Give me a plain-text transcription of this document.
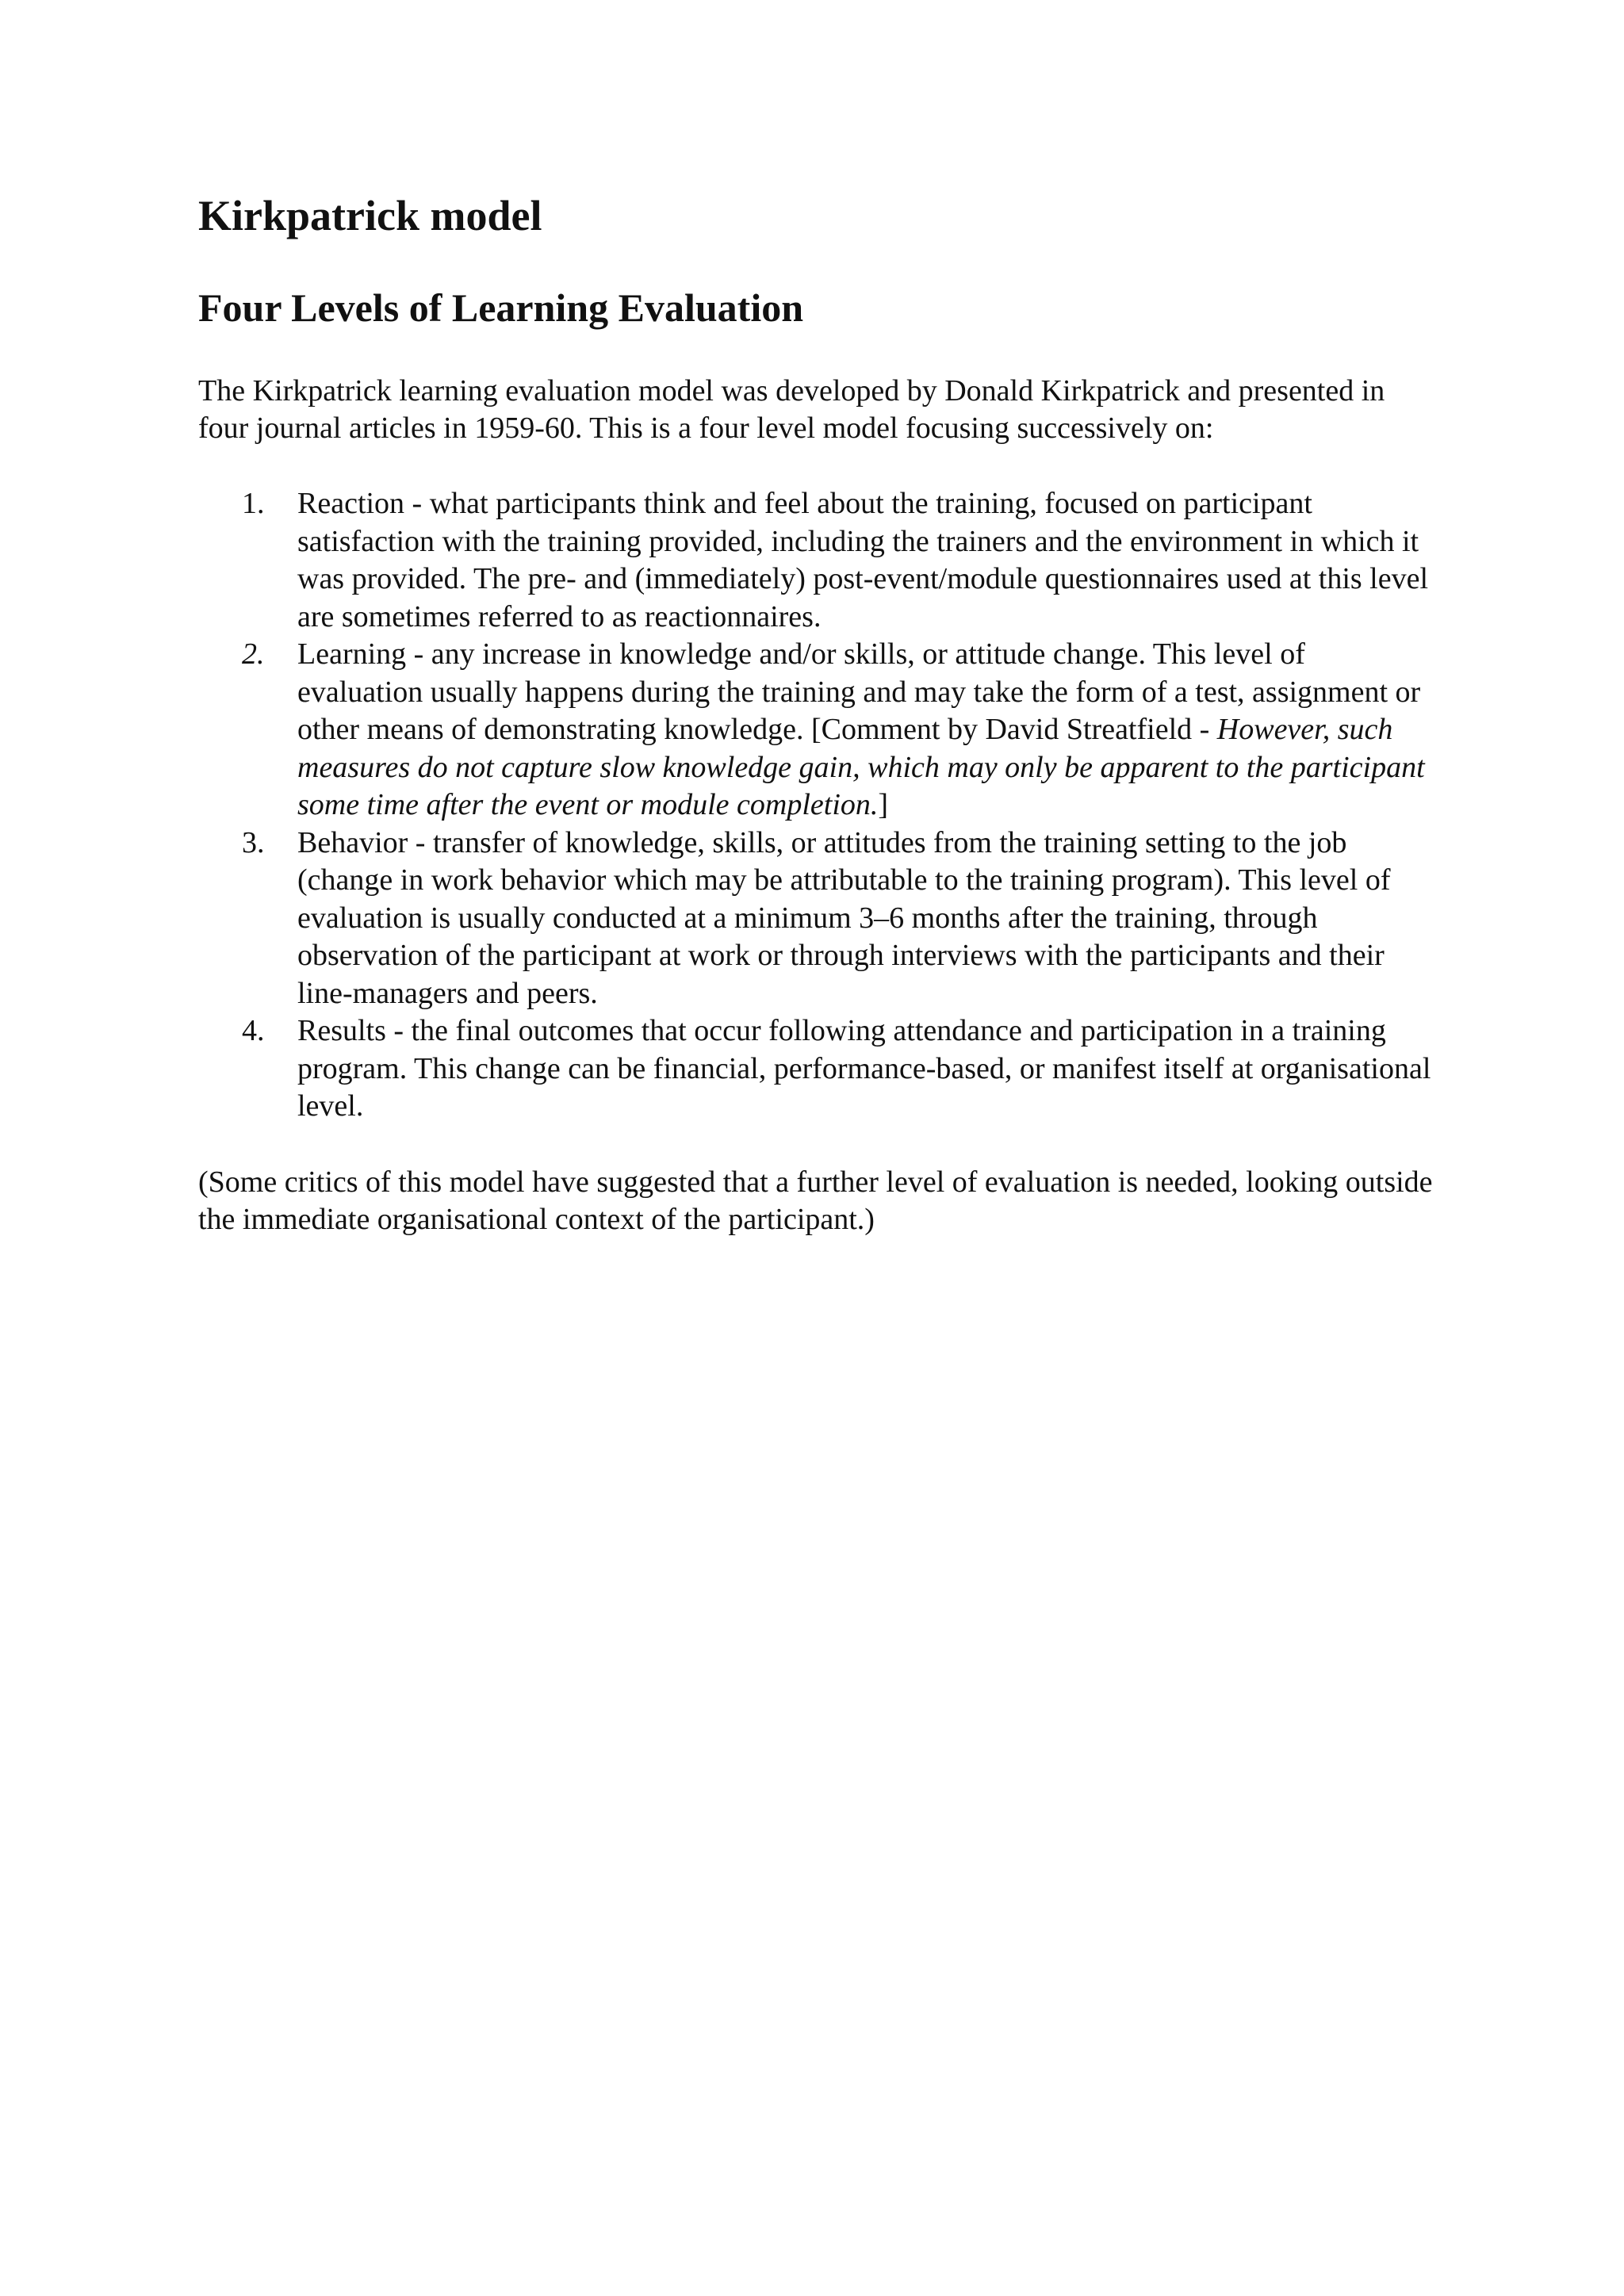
Kirkpatrick model
Four Levels of Learning Evaluation

The Kirkpatrick learning evaluation model was developed by Donald Kirkpatrick and presented in four journal articles in 1959-60. This is a four level model focusing successively on:

1.	Reaction - what participants think and feel about the training, focused on participant satisfaction with the training provided, including the trainers and the environment in which it was provided. The pre- and (immediately) post-event/module questionnaires used at this level are sometimes referred to as reactionnaires.
2.	Learning - any increase in knowledge and/or skills, or attitude change. This level of evaluation usually happens during the training and may take the form of a test, assignment or other means of demonstrating knowledge. [Comment by David Streatfield - However, such measures do not capture slow knowledge gain, which may only be apparent to the participant some time after the event or module completion.]
3.	Behavior - transfer of knowledge, skills, or attitudes from the training setting to the job (change in work behavior which may be attributable to the training program). This level of evaluation is usually conducted at a minimum 3–6 months after the training, through observation of the participant at work or through interviews with the participants and their line-managers and peers.
4.	Results - the final outcomes that occur following attendance and participation in a training program. This change can be financial, performance-based, or manifest itself at organisational level.

(Some critics of this model have suggested that a further level of evaluation is needed, looking outside the immediate organisational context of the participant.)
